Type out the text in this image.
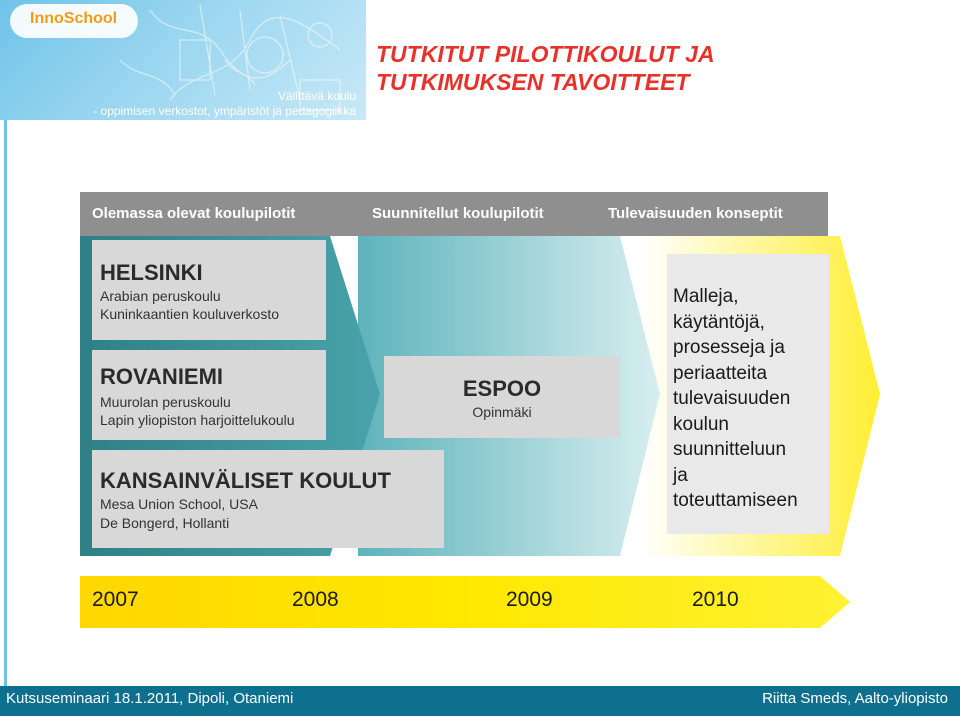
InnoSchool
Välittävä koulu
- oppimisen verkostot, ympäristöt ja pedagogiikka
TUTKITUT PILOTTIKOULUT JA
TUTKIMUKSEN TAVOITTEET
Kutsuseminaari 18.1.2011, Dipoli, Otaniemi	Riitta Smeds, Aalto-yliopisto
Olemassa olevat koulupilotit	Suunnitellut koulupilotit	Tulevaisuuden konseptit
HELSINKI
Arabian peruskoulu
Kuninkaantien kouluverkosto
ROVANIEMI
Muurolan peruskoulu
Lapin yliopiston harjoittelukoulu
KANSAINVÄLISET KOULUT
Mesa Union School, USA
De Bongerd, Hollanti
ESPOO
Opinmäki
Malleja,
käytäntöjä,
prosesseja ja
periaatteita
tulevaisuuden
koulun
suunnitteluun
ja
toteuttamiseen
2007	2008	2009	2010
